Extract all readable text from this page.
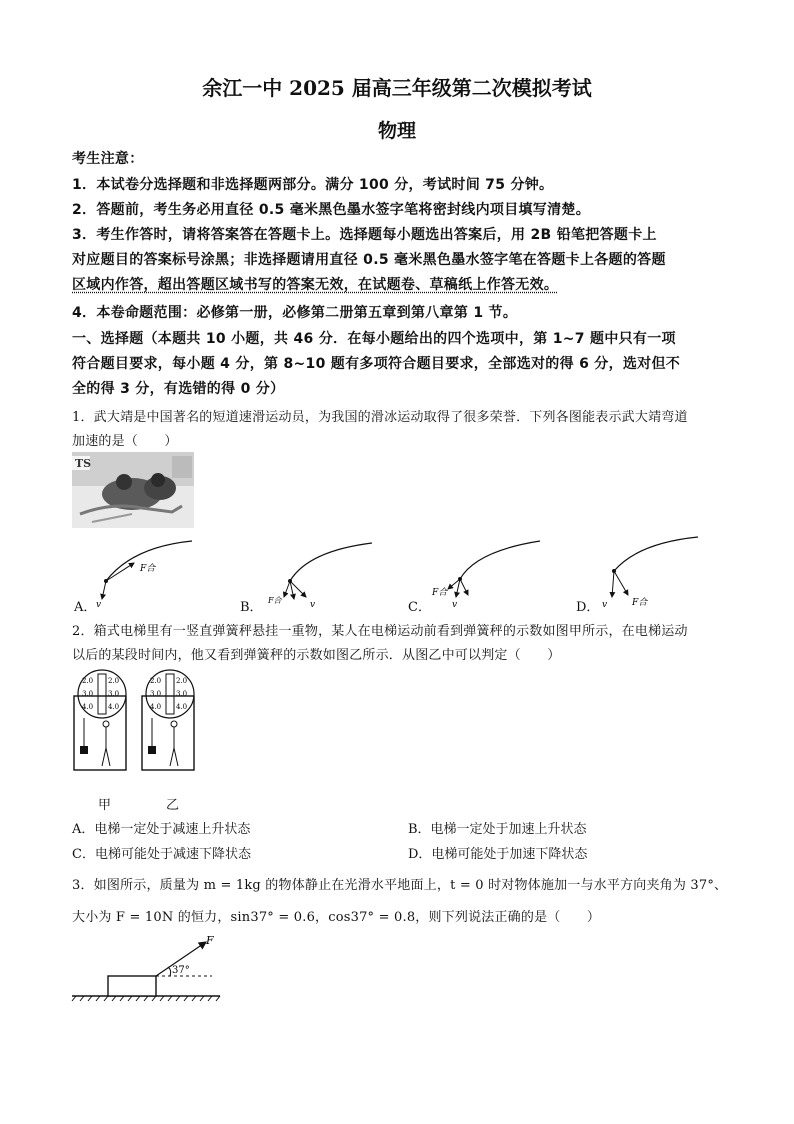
余江一中 2025 届高三年级第二次模拟考试
物理
考生注意：
1．本试卷分选择题和非选择题两部分。满分 100 分，考试时间 75 分钟。
2．答题前，考生务必用直径 0.5 毫米黑色墨水签字笔将密封线内项目填写清楚。
3．考生作答时，请将答案答在答题卡上。选择题每小题选出答案后，用 2B 铅笔把答题卡上
对应题目的答案标号涂黑；非选择题请用直径 0.5 毫米黑色墨水签字笔在答题卡上各题的答题
区域内作答，超出答题区域书写的答案无效，在试题卷、草稿纸上作答无效。
4．本卷命题范围：必修第一册，必修第二册第五章到第八章第 1 节。
一、选择题（本题共 10 小题，共 46 分．在每小题给出的四个选项中，第 1~7 题中只有一项
符合题目要求，每小题 4 分，第 8~10 题有多项符合题目要求，全部选对的得 6 分，选对但不
全的得 3 分，有选错的得 0 分）
1．武大靖是中国著名的短道速滑运动员，为我国的滑冰运动取得了很多荣誉．下列各图能表示武大靖弯道
加速的是（　　）
TS
F合
v	F合	v
F合
v	v	F合
A．	B．	C．	D．
2．箱式电梯里有一竖直弹簧秤悬挂一重物，某人在电梯运动前看到弹簧秤的示数如图甲所示，在电梯运动
以后的某段时间内，他又看到弹簧秤的示数如图乙所示．从图乙中可以判定（　　）
2.0
3.0
4.0
2.0
3.0
4.0
2.0
3.0
4.0
2.0
3.0
4.0
甲	乙
A．电梯一定处于减速上升状态	B．电梯一定处于加速上升状态
C．电梯可能处于减速下降状态	D．电梯可能处于加速下降状态
3．如图所示，质量为 m = 1kg 的物体静止在光滑水平地面上，t = 0 时对物体施加一与水平方向夹角为 37°、
大小为 F = 10N 的恒力，sin37° = 0.6，cos37° = 0.8，则下列说法正确的是（　　）
F
37°
